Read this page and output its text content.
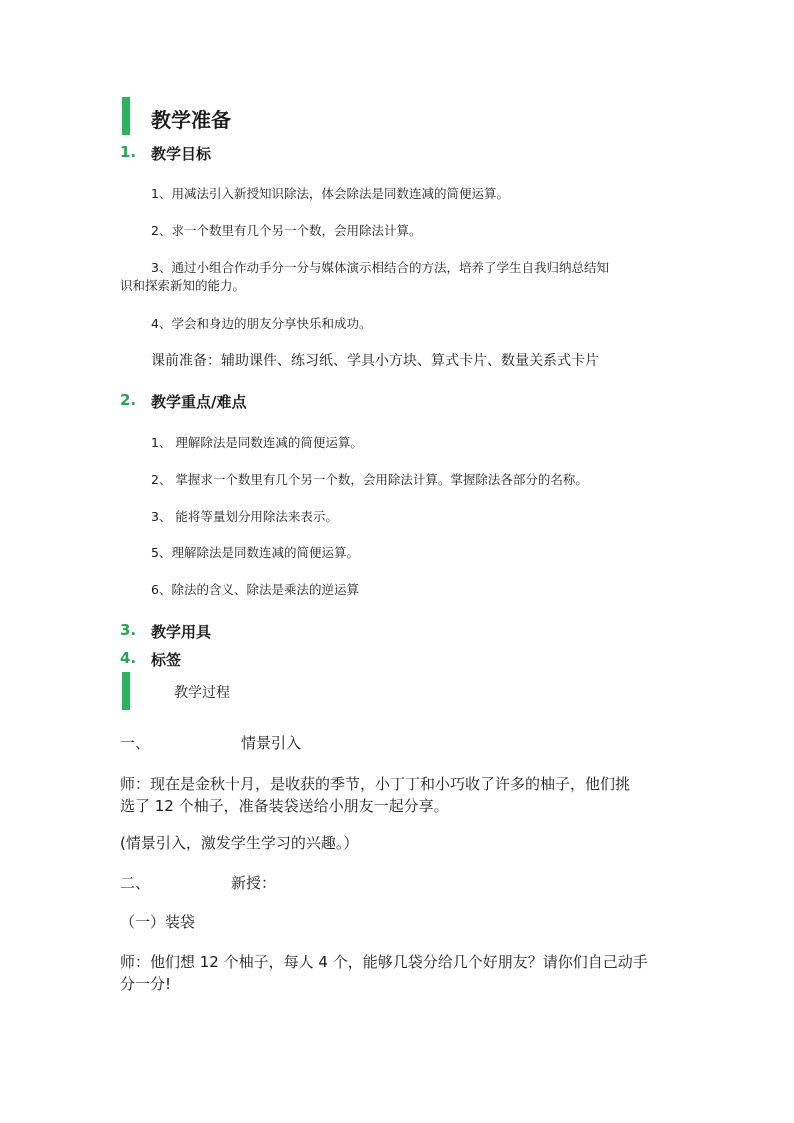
教学准备
1. 教学目标
1、用减法引入新授知识除法，体会除法是同数连减的简便运算。
2、求一个数里有几个另一个数，会用除法计算。
3、通过小组合作动手分一分与媒体演示相结合的方法，培养了学生自我归纳总结知
识和探索新知的能力。
4、学会和身边的朋友分享快乐和成功。
课前准备：辅助课件、练习纸、学具小方块、算式卡片、数量关系式卡片
2. 教学重点/难点
1、 理解除法是同数连减的简便运算。
2、 掌握求一个数里有几个另一个数，会用除法计算。掌握除法各部分的名称。
3、 能将等量划分用除法来表示。
5、理解除法是同数连减的简便运算。
6、除法的含义、除法是乘法的逆运算
3. 教学用具
4. 标签
教学过程
一、	情景引入
师：现在是金秋十月，是收获的季节，小丁丁和小巧收了许多的柚子，他们挑
选了 12 个柚子，准备装袋送给小朋友一起分享。
(情景引入，激发学生学习的兴趣。）
二、	新授：
（一）装袋
师：他们想 12 个柚子，每人 4 个，能够几袋分给几个好朋友？请你们自己动手
分一分!
